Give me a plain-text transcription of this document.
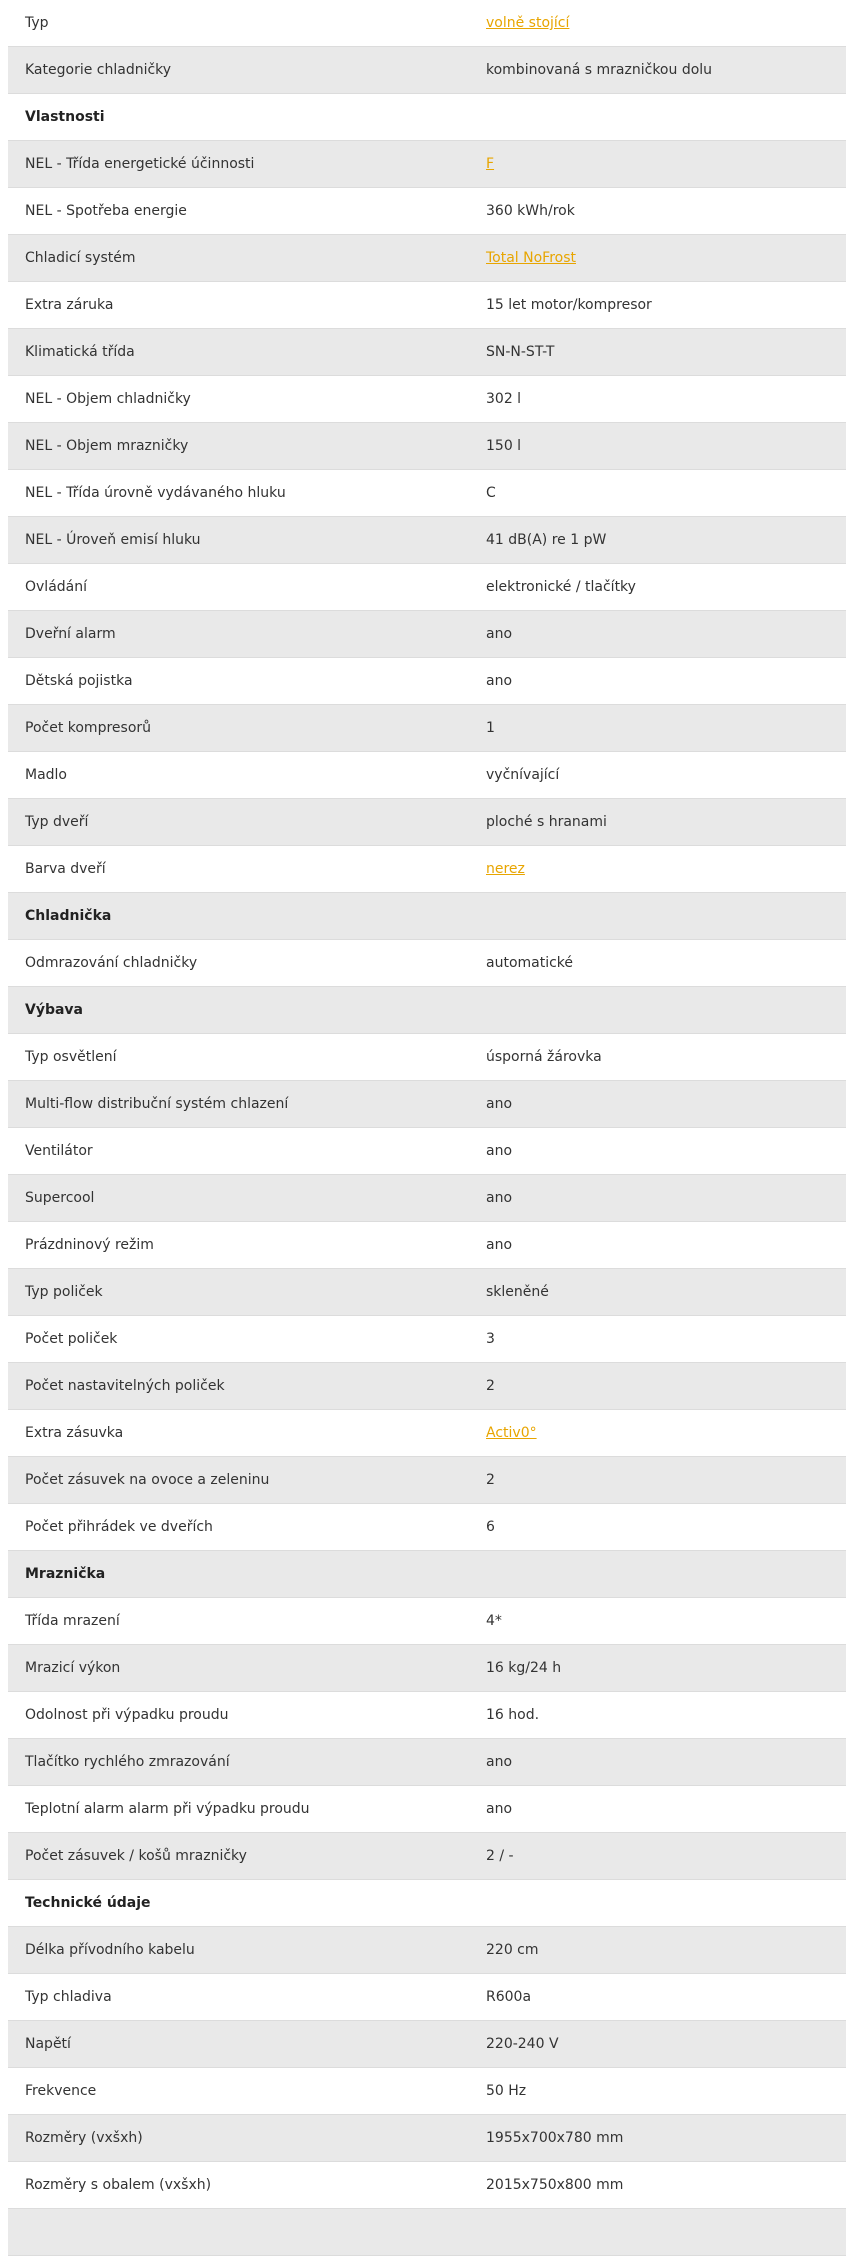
Typ	volně stojící
Kategorie chladničky	kombinovaná s mrazničkou dolu
Vlastnosti
NEL - Třída energetické účinnosti	F
NEL - Spotřeba energie	360 kWh/rok
Chladicí systém	Total NoFrost
Extra záruka	15 let motor/kompresor
Klimatická třída	SN-N-ST-T
NEL - Objem chladničky	302 l
NEL - Objem mrazničky	150 l
NEL - Třída úrovně vydávaného hluku	C
NEL - Úroveň emisí hluku	41 dB(A) re 1 pW
Ovládání	elektronické / tlačítky
Dveřní alarm	ano
Dětská pojistka	ano
Počet kompresorů	1
Madlo	vyčnívající
Typ dveří	ploché s hranami
Barva dveří	nerez
Chladnička
Odmrazování chladničky	automatické
Výbava
Typ osvětlení	úsporná žárovka
Multi-flow distribuční systém chlazení	ano
Ventilátor	ano
Supercool	ano
Prázdninový režim	ano
Typ poliček	skleněné
Počet poliček	3
Počet nastavitelných poliček	2
Extra zásuvka	Activ0°
Počet zásuvek na ovoce a zeleninu	2
Počet přihrádek ve dveřích	6
Mraznička
Třída mrazení	4*
Mrazicí výkon	16 kg/24 h
Odolnost při výpadku proudu	16 hod.
Tlačítko rychlého zmrazování	ano
Teplotní alarm alarm při výpadku proudu	ano
Počet zásuvek / košů mrazničky	2 / -
Technické údaje
Délka přívodního kabelu	220 cm
Typ chladiva	R600a
Napětí	220-240 V
Frekvence	50 Hz
Rozměry (vxšxh)	1955x700x780 mm
Rozměry s obalem (vxšxh)	2015x750x800 mm
